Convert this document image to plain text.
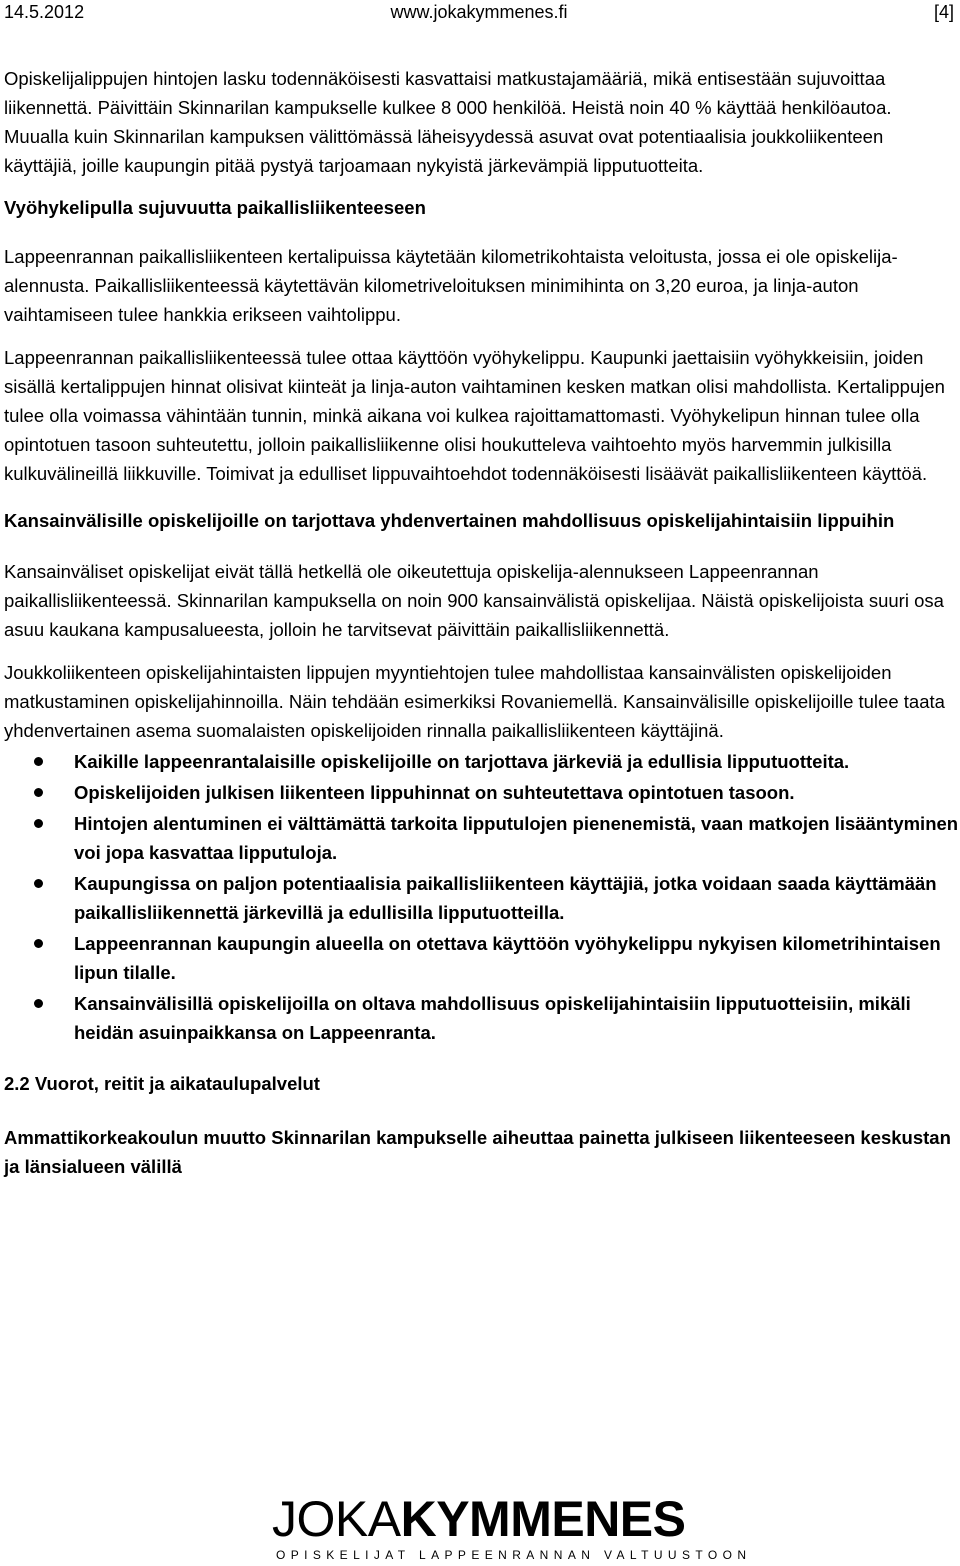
14.5.2012	www.jokakymmenes.fi	[4]

Opiskelijalippujen hintojen lasku todennäköisesti kasvattaisi matkustajamääriä, mikä entisestään sujuvoittaa liikennettä. Päivittäin Skinnarilan kampukselle kulkee 8 000 henkilöä. Heistä noin 40 % käyttää henkilöautoa. Muualla kuin Skinnarilan kampuksen välittömässä läheisyydessä asuvat ovat potentiaalisia joukkoliikenteen käyttäjiä, joille kaupungin pitää pystyä tarjoamaan nykyistä järkevämpiä lipputuotteita.

Vyöhykelipulla sujuvuutta paikallisliikenteeseen

Lappeenrannan paikallisliikenteen kertalipuissa käytetään kilometrikohtaista veloitusta, jossa ei ole opiskelija-alennusta. Paikallisliikenteessä käytettävän kilometriveloituksen minimihinta on 3,20 euroa, ja linja-auton vaihtamiseen tulee hankkia erikseen vaihtolippu.

Lappeenrannan paikallisliikenteessä tulee ottaa käyttöön vyöhykelippu. Kaupunki jaettaisiin vyöhykkeisiin, joiden sisällä kertalippujen hinnat olisivat kiinteät ja linja-auton vaihtaminen kesken matkan olisi mahdollista. Kertalippujen tulee olla voimassa vähintään tunnin, minkä aikana voi kulkea rajoittamattomasti. Vyöhykelipun hinnan tulee olla opintotuen tasoon suhteutettu, jolloin paikallisliikenne olisi houkutteleva vaihtoehto myös harvemmin julkisilla kulkuvälineillä liikkuville. Toimivat ja edulliset lippuvaihtoehdot todennäköisesti lisäävät paikallisliikenteen käyttöä.

Kansainvälisille opiskelijoille on tarjottava yhdenvertainen mahdollisuus opiskelijahintaisiin lippuihin

Kansainväliset opiskelijat eivät tällä hetkellä ole oikeutettuja opiskelija-alennukseen Lappeenrannan paikallisliikenteessä. Skinnarilan kampuksella on noin 900 kansainvälistä opiskelijaa. Näistä opiskelijoista suuri osa asuu kaukana kampusalueesta, jolloin he tarvitsevat päivittäin paikallisliikennettä.

Joukkoliikenteen opiskelijahintaisten lippujen myyntiehtojen tulee mahdollistaa kansainvälisten opiskelijoiden matkustaminen opiskelijahinnoilla. Näin tehdään esimerkiksi Rovaniemellä. Kansainvälisille opiskelijoille tulee taata yhdenvertainen asema suomalaisten opiskelijoiden rinnalla paikallisliikenteen käyttäjinä.

Kaikille lappeenrantalaisille opiskelijoille on tarjottava järkeviä ja edullisia lipputuotteita.
Opiskelijoiden julkisen liikenteen lippuhinnat on suhteutettava opintotuen tasoon.
Hintojen alentuminen ei välttämättä tarkoita lipputulojen pienenemistä, vaan matkojen lisääntyminen voi jopa kasvattaa lipputuloja.
Kaupungissa on paljon potentiaalisia paikallisliikenteen käyttäjiä, jotka voidaan saada käyttämään paikallisliikennettä järkevillä ja edullisilla lipputuotteilla.
Lappeenrannan kaupungin alueella on otettava käyttöön vyöhykelippu nykyisen kilometrihintaisen lipun tilalle.
Kansainvälisillä opiskelijoilla on oltava mahdollisuus opiskelijahintaisiin lipputuotteisiin, mikäli heidän asuinpaikkansa on Lappeenranta.

2.2 Vuorot, reitit ja aikataulupalvelut

Ammattikorkeakoulun muutto Skinnarilan kampukselle aiheuttaa painetta julkiseen liikenteeseen keskustan ja länsialueen välillä

JOKAKYMMENES
OPISKELIJAT LAPPEENRANNAN VALTUUSTOON
